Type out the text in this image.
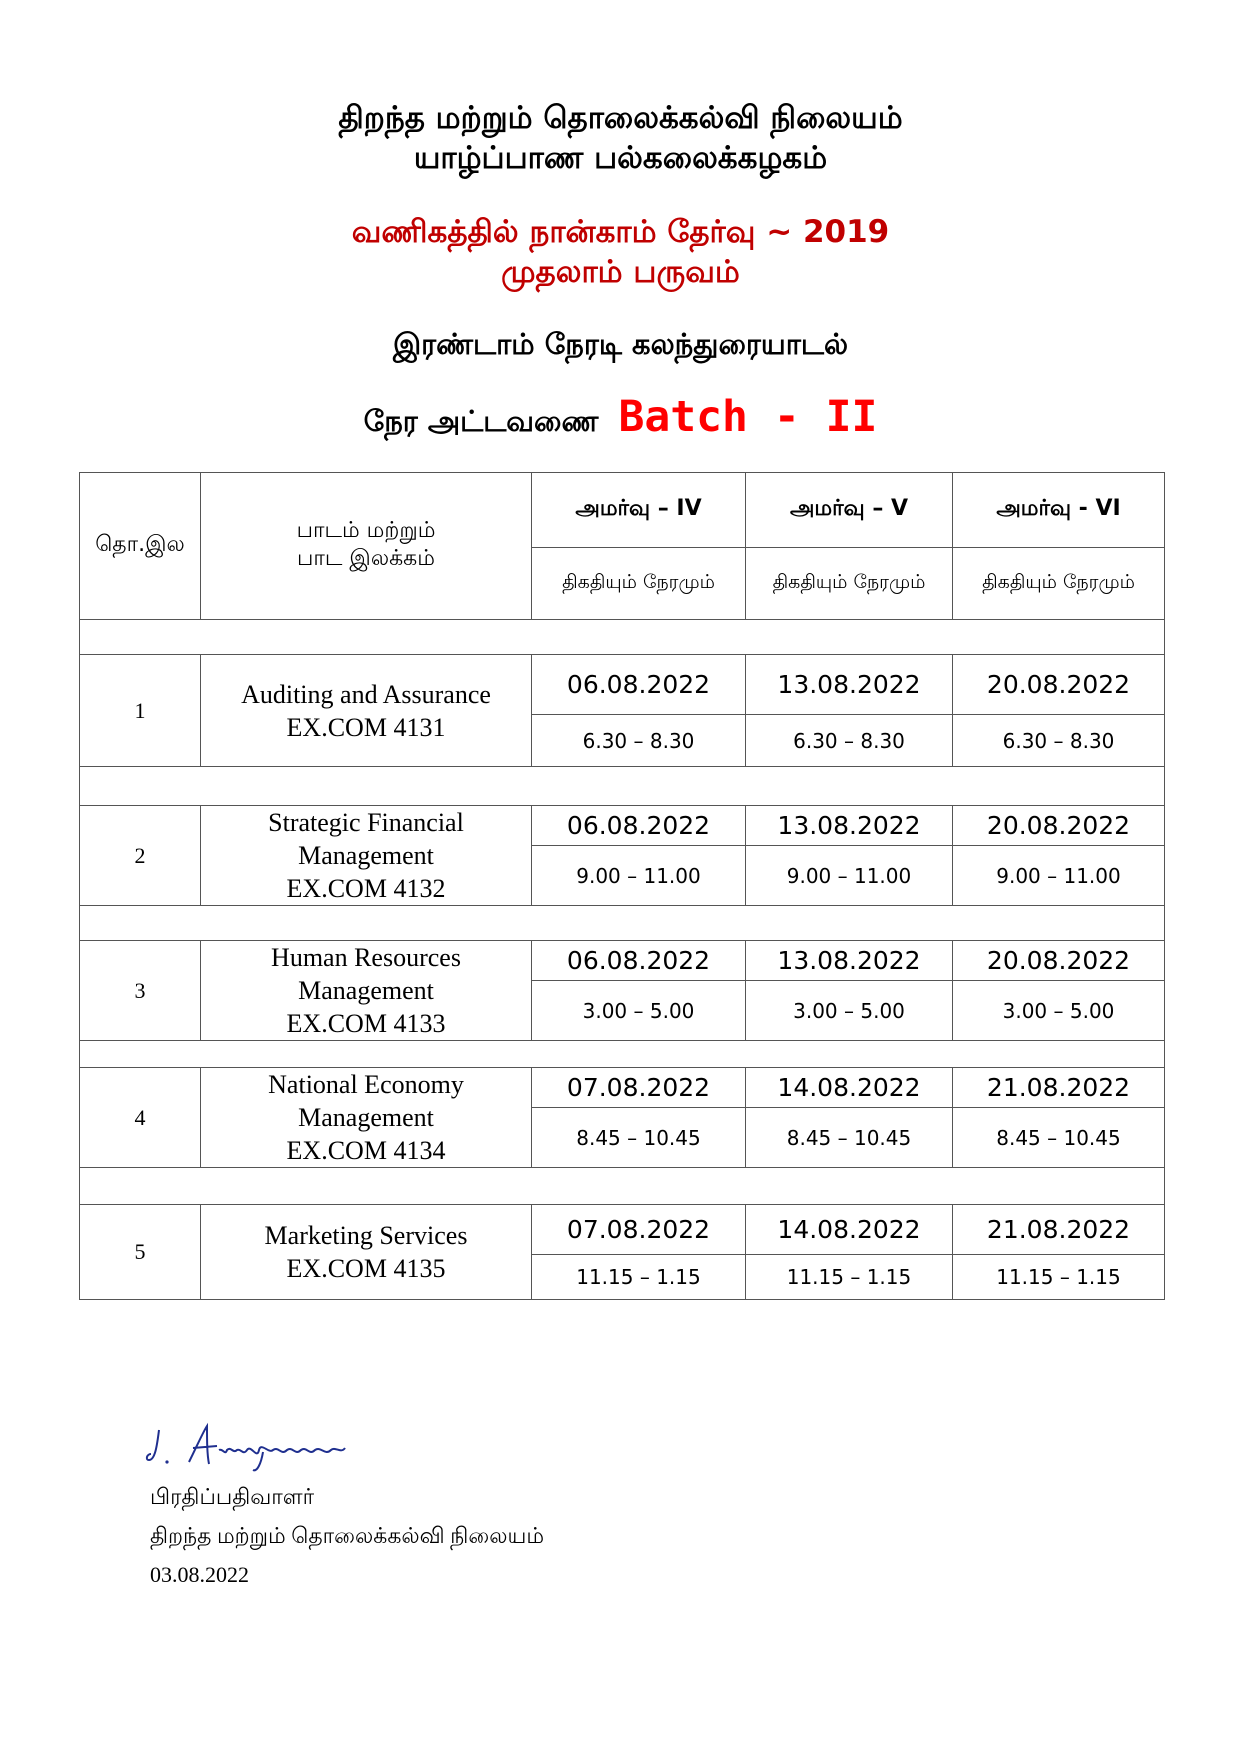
திறந்த மற்றும் தொலைக்கல்வி நிலையம்
யாழ்ப்பாண பல்கலைக்கழகம்
வணிகத்தில் நான்காம் தேர்வு ~ 2019
முதலாம் பருவம்
இரண்டாம் நேரடி கலந்துரையாடல்
நேர அட்டவணை Batch - II
தொ.இல	பாடம் மற்றும்
பாட இலக்கம்	அமர்வு – IV	அமர்வு – V	அமர்வு - VI
		திகதியும் நேரமும்	திகதியும் நேரமும்	திகதியும் நேரமும்

1	Auditing and Assurance
EX.COM 4131	06.08.2022	13.08.2022	20.08.2022
		6.30 – 8.30	6.30 – 8.30	6.30 – 8.30

2	Strategic Financial
Management
EX.COM 4132	06.08.2022	13.08.2022	20.08.2022
		9.00 – 11.00	9.00 – 11.00	9.00 – 11.00

3	Human Resources
Management
EX.COM 4133	06.08.2022	13.08.2022	20.08.2022
		3.00 – 5.00	3.00 – 5.00	3.00 – 5.00

4	National Economy
Management
EX.COM 4134	07.08.2022	14.08.2022	21.08.2022
		8.45 – 10.45	8.45 – 10.45	8.45 – 10.45

5	Marketing Services
EX.COM 4135	07.08.2022	14.08.2022	21.08.2022
		11.15 – 1.15	11.15 – 1.15	11.15 – 1.15
பிரதிப்பதிவாளர்
திறந்த மற்றும் தொலைக்கல்வி நிலையம்
03.08.2022
